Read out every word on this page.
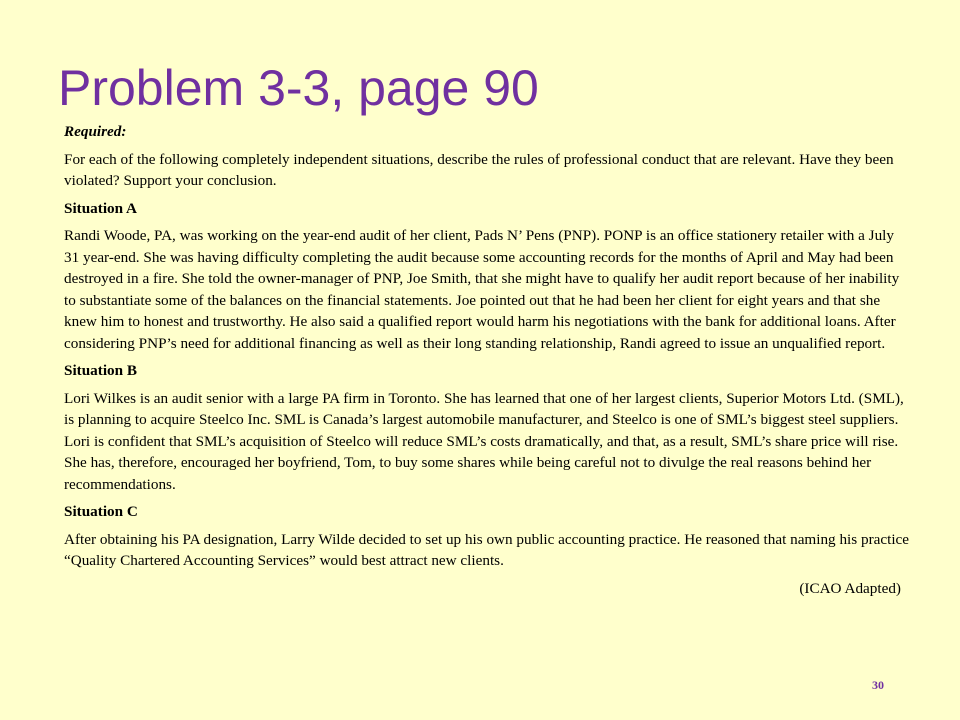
Problem 3-3, page 90

Required:

For each of the following completely independent situations, describe the rules of professional conduct that are relevant. Have they been violated? Support your conclusion.

Situation A

Randi Woode, PA, was working on the year-end audit of her client, Pads N’ Pens (PNP). PONP is an office stationery retailer with a July 31 year-end. She was having difficulty completing the audit because some accounting records for the months of April and May had been destroyed in a fire. She told the owner-manager of PNP, Joe Smith, that she might have to qualify her audit report because of her inability to substantiate some of the balances on the financial statements. Joe pointed out that he had been her client for eight years and that she knew him to honest and trustworthy. He also said a qualified report would harm his negotiations with the bank for additional loans. After considering PNP’s need for additional financing as well as their long standing relationship, Randi agreed to issue an unqualified report.

Situation B

Lori Wilkes is an audit senior with a large PA firm in Toronto. She has learned that one of her largest clients, Superior Motors Ltd. (SML), is planning to acquire Steelco Inc. SML is Canada’s largest automobile manufacturer, and Steelco is one of SML’s biggest steel suppliers. Lori is confident that SML’s acquisition of Steelco will reduce SML’s costs dramatically, and that, as a result, SML’s share price will rise. She has, therefore, encouraged her boyfriend, Tom, to buy some shares while being careful not to divulge the real reasons behind her recommendations.

Situation C

After obtaining his PA designation, Larry Wilde decided to set up his own public accounting practice. He reasoned that naming his practice “Quality Chartered Accounting Services” would best attract new clients.

(ICAO Adapted)

30
